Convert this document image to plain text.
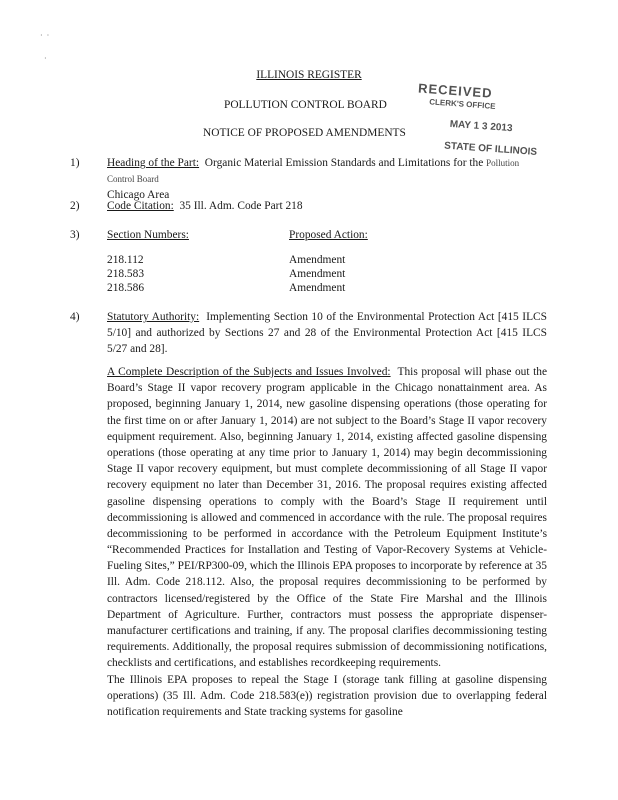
·  ·

·
ILLINOIS REGISTER
POLLUTION CONTROL BOARD
NOTICE OF PROPOSED AMENDMENTS
RECEIVED
CLERK'S OFFICE
MAY 1 3 2013
STATE OF ILLINOIS
1) Heading of the Part: Organic Material Emission Standards and Limitations for the Pollution Control Board
Chicago Area
2) Code Citation: 35 Ill. Adm. Code Part 218
3) Section Numbers:	Proposed Action:
218.112
218.583
218.586
Amendment
Amendment
Amendment
4) Statutory Authority: Implementing Section 10 of the Environmental Protection Act [415 ILCS 5/10] and authorized by Sections 27 and 28 of the Environmental Protection Act [415 ILCS 5/27 and 28].
A Complete Description of the Subjects and Issues Involved: This proposal will phase out the Board’s Stage II vapor recovery program applicable in the Chicago nonattainment area. As proposed, beginning January 1, 2014, new gasoline dispensing operations (those operating for the first time on or after January 1, 2014) are not subject to the Board’s Stage II vapor recovery equipment requirement. Also, beginning January 1, 2014, existing affected gasoline dispensing operations (those operating at any time prior to January 1, 2014) may begin decommissioning Stage II vapor recovery equipment, but must complete decommissioning of all Stage II vapor recovery equipment no later than December 31, 2016. The proposal requires existing affected gasoline dispensing operations to comply with the Board’s Stage II requirement until decommissioning is allowed and commenced in accordance with the rule. The proposal requires decommissioning to be performed in accordance with the Petroleum Equipment Institute’s “Recommended Practices for Installation and Testing of Vapor-Recovery Systems at Vehicle-Fueling Sites,” PEI/RP300-09, which the Illinois EPA proposes to incorporate by reference at 35 Ill. Adm. Code 218.112. Also, the proposal requires decommissioning to be performed by contractors licensed/registered by the Office of the State Fire Marshal and the Illinois Department of Agriculture. Further, contractors must possess the appropriate dispenser-manufacturer certifications and training, if any. The proposal clarifies decommissioning testing requirements. Additionally, the proposal requires submission of decommissioning notifications, checklists and certifications, and establishes recordkeeping requirements.
The Illinois EPA proposes to repeal the Stage I (storage tank filling at gasoline dispensing operations) (35 Ill. Adm. Code 218.583(e)) registration provision due to overlapping federal notification requirements and State tracking systems for gasoline
